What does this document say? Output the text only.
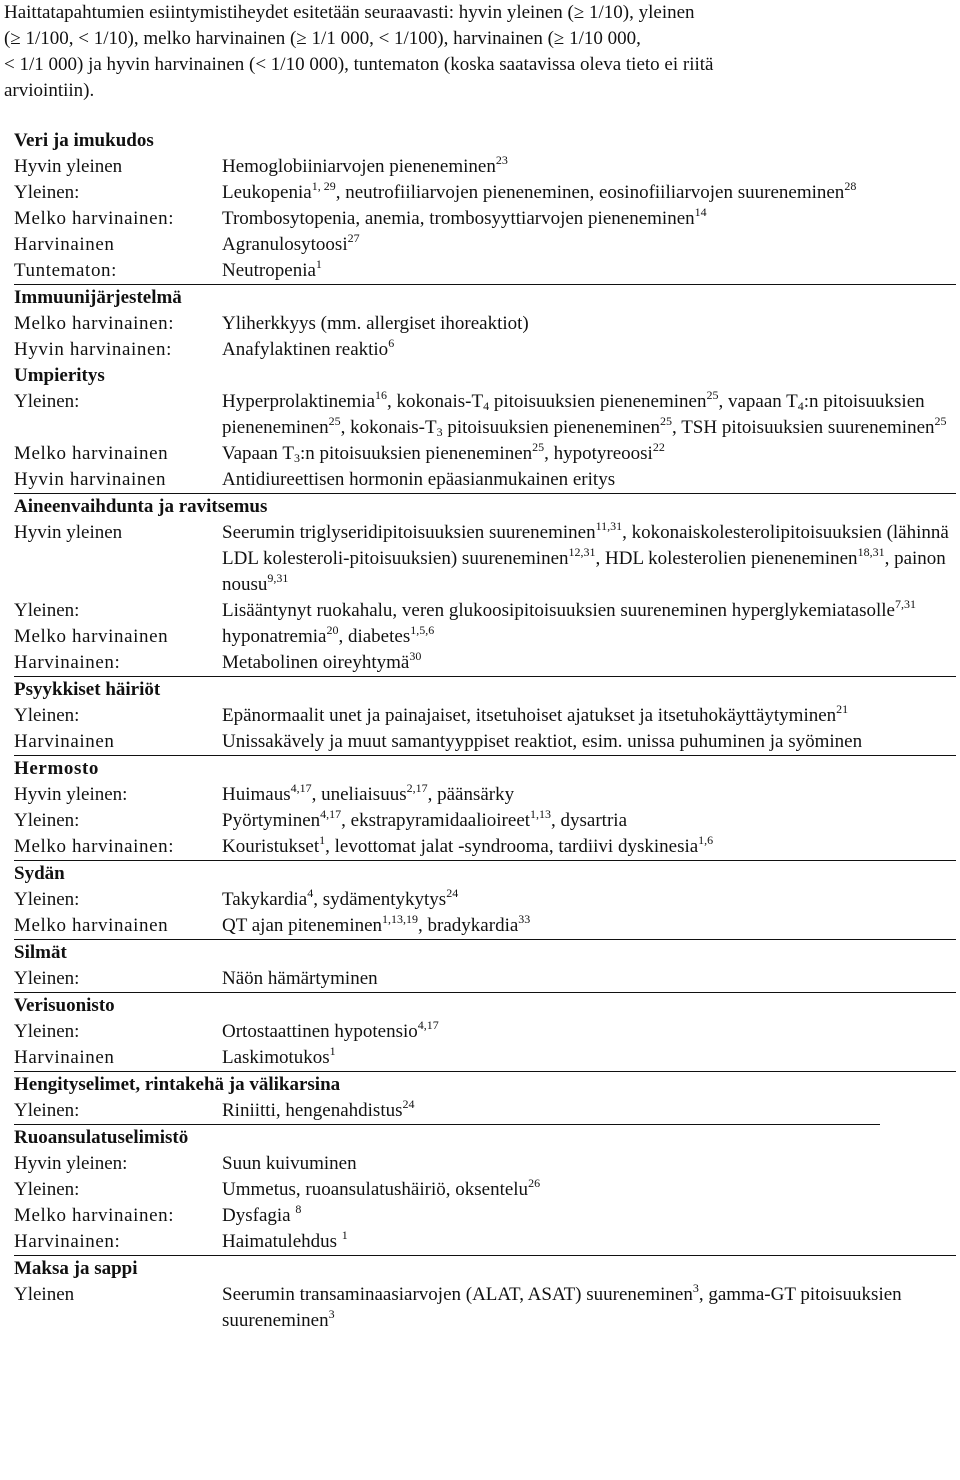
Haittatapahtumien esiintymistiheydet esitetään seuraavasti: hyvin yleinen (≥ 1/10), yleinen
(≥ 1/100, < 1/10), melko harvinainen (≥ 1/1 000, < 1/100), harvinainen (≥ 1/10 000,
< 1/1 000) ja hyvin harvinainen (< 1/10 000), tuntematon (koska saatavissa oleva tieto ei riitä
arviointiin).
Veri ja imukudos
Hyvin yleinen	Hemoglobiiniarvojen pieneneminen$^{23}$
Yleinen:	Leukopenia$^{1, 29}$, neutrofiiliarvojen pieneneminen, eosinofiiliarvojen suureneminen$^{28}$
Melko harvinainen:	Trombosytopenia, anemia, trombosyyttiarvojen pieneneminen$^{14}$
Harvinainen	Agranulosytoosi$^{27}$
Tuntematon:	Neutropenia$^1$
Immuunijärjestelmä
Melko harvinainen:	Yliherkkyys (mm. allergiset ihoreaktiot)
Hyvin harvinainen:	Anafylaktinen reaktio$^6$
Umpieritys
Yleinen:	Hyperprolaktinemia$^{16}$, kokonais-$T_4$ pitoisuuksien pieneneminen$^{25}$, vapaan $T_4:n$ pitoisuuksien pieneneminen$^{25}$, kokonais-$T_3$ pitoisuuksien pieneneminen$^{25}$, TSH pitoisuuksien suureneminen$^{25}$
Melko harvinainen	Vapaan $T_3:n$ pitoisuuksien pieneneminen$^{25}$, hypotyreoosi$^{22}$
Hyvin harvinainen	Antidiureettisen hormonin epäasianmukainen eritys
Aineenvaihdunta ja ravitsemus
Hyvin yleinen	Seerumin triglyseridipitoisuuksien suureneminen$^{11,31}$, kokonaiskolesterolipitoisuuksien (lähinnä LDL kolesteroli-pitoisuuksien) suureneminen$^{12,31}$, HDL kolesterolien pieneneminen$^{18,31}$, painon nousu$^{9,31}$
Yleinen:	Lisääntynyt ruokahalu, veren glukoosipitoisuuksien suureneminen hyperglykemiatasolle$^{7,31}$
Melko harvinainen	hyponatremia$^{20}$, diabetes$^{1,5,6}$
Harvinainen:	Metabolinen oireyhtymä$^{30}$
Psyykkiset häiriöt
Yleinen:	Epänormaalit unet ja painajaiset, itsetuhoiset ajatukset ja itsetuhokäyttäytyminen$^{21}$
Harvinainen	Unissakävely ja muut samantyyppiset reaktiot, esim. unissa puhuminen ja syöminen
Hermosto
Hyvin yleinen:	Huimaus$^{4,17}$, uneliaisuus$^{2,17}$, päänsärky
Yleinen:	Pyörtyminen$^{4,17}$, ekstrapyramidaalioireet$^{1,13}$, dysartria
Melko harvinainen:	Kouristukset$^1$, levottomat jalat -syndrooma, tardiivi dyskinesia$^{1,6}$
Sydän
Yleinen:	Takykardia$^4$, sydämentykytys$^{24}$
Melko harvinainen	QT ajan piteneminen$^{1,13,19}$, bradykardia$^{33}$
Silmät
Yleinen:	Näön hämärtyminen
Verisuonisto
Yleinen:	Ortostaattinen hypotensio$^{4,17}$
Harvinainen	Laskimotukos$^1$
Hengityselimet, rintakehä ja välikarsina
Yleinen:	Riniitti, hengenahdistus$^{24}$
Ruoansulatuselimistö
Hyvin yleinen:	Suun kuivuminen
Yleinen:	Ummetus, ruoansulatushäiriö, oksentelu$^{26}$
Melko harvinainen:	Dysfagia $^8$
Harvinainen:	Haimatulehdus $^1$
Maksa ja sappi
Yleinen	Seerumin transaminaasiarvojen (ALAT, ASAT) suureneminen$^3$, gamma-GT pitoisuuksien suureneminen$^3$
